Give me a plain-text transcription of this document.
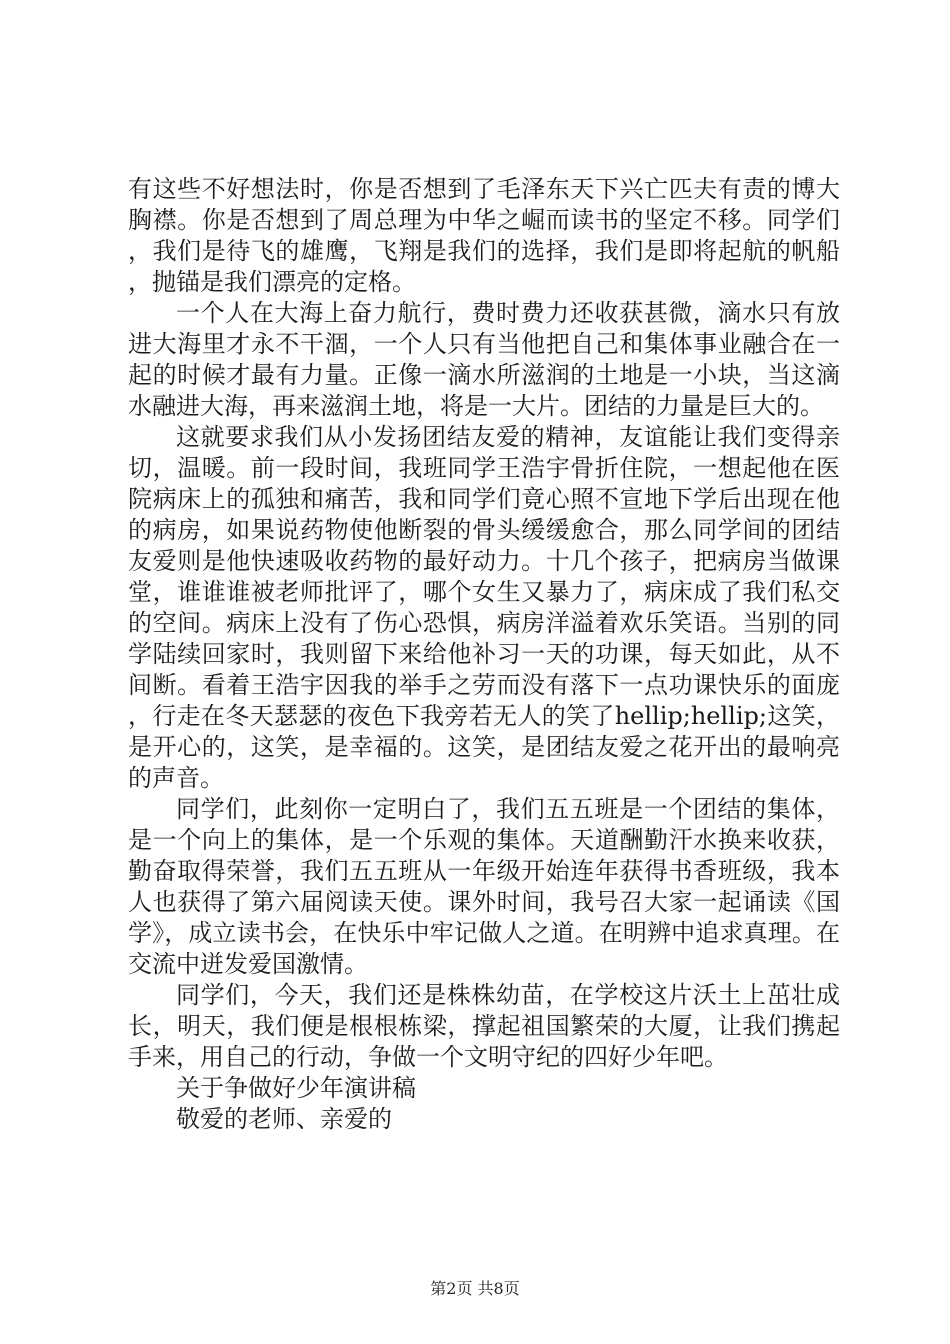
有这些不好想法时，你是否想到了毛泽东天下兴亡匹夫有责的博大胸襟。你是否想到了周总理为中华之崛而读书的坚定不移。同学们，我们是待飞的雄鹰，飞翔是我们的选择，我们是即将起航的帆船，抛锚是我们漂亮的定格。

一个人在大海上奋力航行，费时费力还收获甚微，滴水只有放进大海里才永不干涸，一个人只有当他把自己和集体事业融合在一起的时候才最有力量。正像一滴水所滋润的土地是一小块，当这滴水融进大海，再来滋润土地，将是一大片。团结的力量是巨大的。

这就要求我们从小发扬团结友爱的精神，友谊能让我们变得亲切，温暖。前一段时间，我班同学王浩宇骨折住院，一想起他在医院病床上的孤独和痛苦，我和同学们竟心照不宣地下学后出现在他的病房，如果说药物使他断裂的骨头缓缓愈合，那么同学间的团结友爱则是他快速吸收药物的最好动力。十几个孩子，把病房当做课堂，谁谁谁被老师批评了，哪个女生又暴力了，病床成了我们私交的空间。病床上没有了伤心恐惧，病房洋溢着欢乐笑语。当别的同学陆续回家时，我则留下来给他补习一天的功课，每天如此，从不间断。看着王浩宇因我的举手之劳而没有落下一点功课快乐的面庞，行走在冬天瑟瑟的夜色下我旁若无人的笑了hellip;hellip;这笑，是开心的，这笑，是幸福的。这笑，是团结友爱之花开出的最响亮的声音。

同学们，此刻你一定明白了，我们五五班是一个团结的集体，是一个向上的集体，是一个乐观的集体。天道酬勤汗水换来收获，勤奋取得荣誉，我们五五班从一年级开始连年获得书香班级，我本人也获得了第六届阅读天使。课外时间，我号召大家一起诵读《国学》，成立读书会，在快乐中牢记做人之道。在明辨中追求真理。在交流中迸发爱国激情。

同学们，今天，我们还是株株幼苗，在学校这片沃土上茁壮成长，明天，我们便是根根栋梁，撑起祖国繁荣的大厦，让我们携起手来，用自己的行动，争做一个文明守纪的四好少年吧。

关于争做好少年演讲稿

敬爱的老师、亲爱的

第2页 共8页
